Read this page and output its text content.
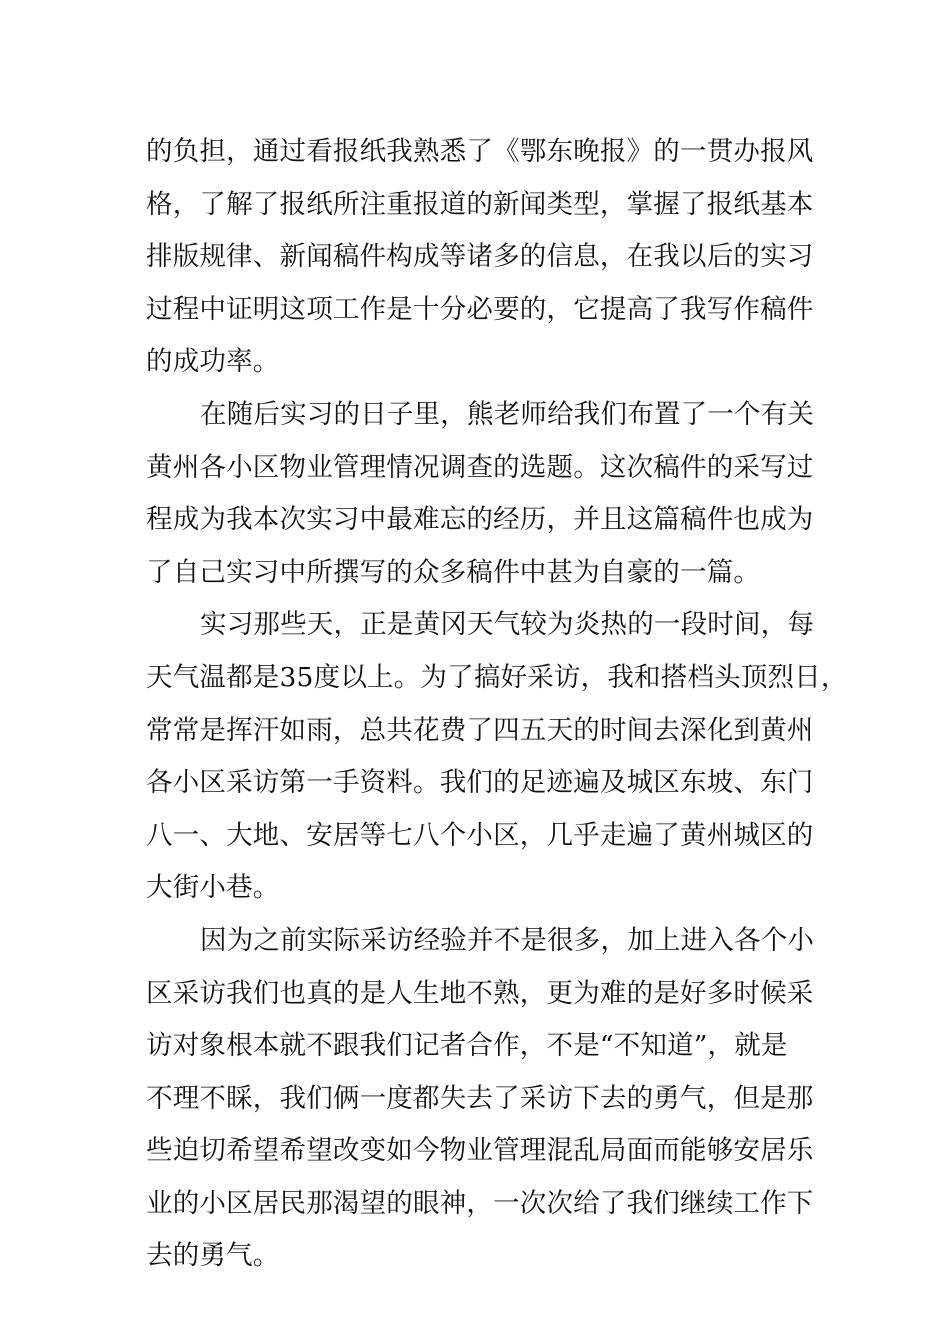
的负担，通过看报纸我熟悉了《鄂东晚报》的一贯办报风
格，了解了报纸所注重报道的新闻类型，掌握了报纸基本
排版规律、新闻稿件构成等诸多的信息，在我以后的实习
过程中证明这项工作是十分必要的，它提高了我写作稿件
的成功率。
在随后实习的日子里，熊老师给我们布置了一个有关
黄州各小区物业管理情况调查的选题。这次稿件的采写过
程成为我本次实习中最难忘的经历，并且这篇稿件也成为
了自己实习中所撰写的众多稿件中甚为自豪的一篇。
实习那些天，正是黄冈天气较为炎热的一段时间，每
天气温都是35度以上。为了搞好采访，我和搭档头顶烈日，
常常是挥汗如雨，总共花费了四五天的时间去深化到黄州
各小区采访第一手资料。我们的足迹遍及城区东坡、东门
八一、大地、安居等七八个小区，几乎走遍了黄州城区的
大街小巷。
因为之前实际采访经验并不是很多，加上进入各个小
区采访我们也真的是人生地不熟，更为难的是好多时候采
访对象根本就不跟我们记者合作，不是“不知道”，就是
不理不睬，我们俩一度都失去了采访下去的勇气，但是那
些迫切希望希望改变如今物业管理混乱局面而能够安居乐
业的小区居民那渴望的眼神，一次次给了我们继续工作下
去的勇气。
